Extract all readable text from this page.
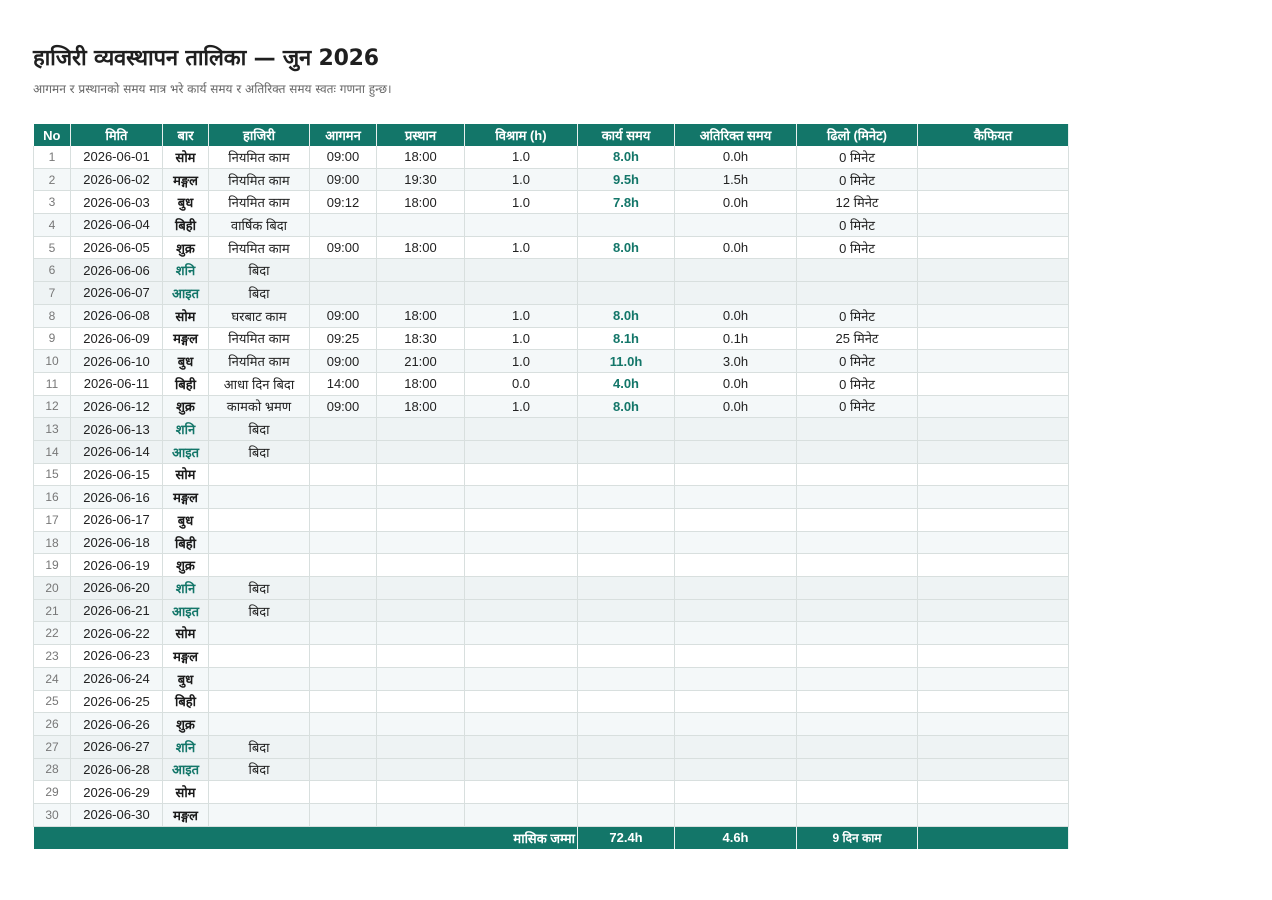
हाजिरी व्यवस्थापन तालिका — जुन 2026

आगमन र प्रस्थानको समय मात्र भरे कार्य समय र अतिरिक्त समय स्वतः गणना हुन्छ।

No	मिति	बार	हाजिरी	आगमन	प्रस्थान	विश्राम (h)	कार्य समय	अतिरिक्त समय	ढिलो (मिनेट)	कैफियत
1	2026-06-01	सोम	नियमित काम	09:00	18:00	1.0	8.0h	0.0h	0 मिनेट	
2	2026-06-02	मङ्गल	नियमित काम	09:00	19:30	1.0	9.5h	1.5h	0 मिनेट	
3	2026-06-03	बुध	नियमित काम	09:12	18:00	1.0	7.8h	0.0h	12 मिनेट	
4	2026-06-04	बिही	वार्षिक बिदा						0 मिनेट	
5	2026-06-05	शुक्र	नियमित काम	09:00	18:00	1.0	8.0h	0.0h	0 मिनेट	
6	2026-06-06	शनि	बिदा							
7	2026-06-07	आइत	बिदा							
8	2026-06-08	सोम	घरबाट काम	09:00	18:00	1.0	8.0h	0.0h	0 मिनेट	
9	2026-06-09	मङ्गल	नियमित काम	09:25	18:30	1.0	8.1h	0.1h	25 मिनेट	
10	2026-06-10	बुध	नियमित काम	09:00	21:00	1.0	11.0h	3.0h	0 मिनेट	
11	2026-06-11	बिही	आधा दिन बिदा	14:00	18:00	0.0	4.0h	0.0h	0 मिनेट	
12	2026-06-12	शुक्र	कामको भ्रमण	09:00	18:00	1.0	8.0h	0.0h	0 मिनेट	
13	2026-06-13	शनि	बिदा							
14	2026-06-14	आइत	बिदा							
15	2026-06-15	सोम								
16	2026-06-16	मङ्गल								
17	2026-06-17	बुध								
18	2026-06-18	बिही								
19	2026-06-19	शुक्र								
20	2026-06-20	शनि	बिदा							
21	2026-06-21	आइत	बिदा							
22	2026-06-22	सोम								
23	2026-06-23	मङ्गल								
24	2026-06-24	बुध								
25	2026-06-25	बिही								
26	2026-06-26	शुक्र								
27	2026-06-27	शनि	बिदा							
28	2026-06-28	आइत	बिदा							
29	2026-06-29	सोम								
30	2026-06-30	मङ्गल								
मासिक जम्मा							72.4h	4.6h	9 दिन काम	
